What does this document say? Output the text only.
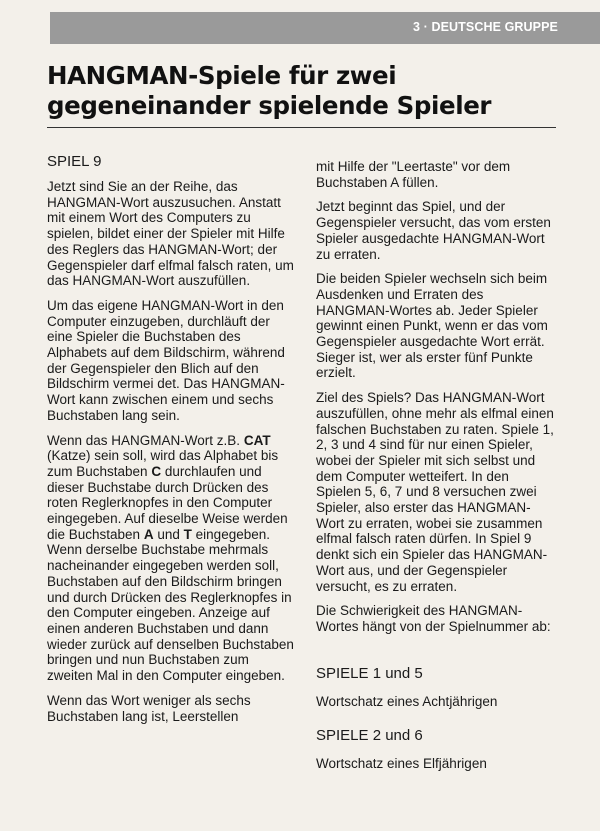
3 · DEUTSCHE GRUPPE
HANGMAN-Spiele für zwei
gegeneinander spielende Spieler
SPIEL 9

Jetzt sind Sie an der Reihe, das HANGMAN-Wort auszusuchen. Anstatt mit einem Wort des Computers zu spielen, bildet einer der Spieler mit Hilfe des Reglers das HANGMAN-Wort; der Gegenspieler darf elfmal falsch raten, um das HANGMAN-Wort auszufüllen.

Um das eigene HANGMAN-Wort in den Computer einzugeben, durchläuft der eine Spieler die Buchstaben des Alphabets auf dem Bildschirm, während der Gegenspieler den Blich auf den Bildschirm vermei det. Das HANGMAN-Wort kann zwischen einem und sechs Buchstaben lang sein.

Wenn das HANGMAN-Wort z.B. CAT (Katze) sein soll, wird das Alphabet bis zum Buchstaben C durchlaufen und dieser Buchstabe durch Drücken des roten Reglerknopfes in den Computer eingegeben. Auf dieselbe Weise werden die Buchstaben A und T eingegeben. Wenn derselbe Buchstabe mehrmals nacheinander eingegeben werden soll, Buchstaben auf den Bildschirm bringen und durch Drücken des Reglerknopfes in den Computer eingeben. Anzeige auf einen anderen Buchstaben und dann wieder zurück auf denselben Buchstaben bringen und nun Buchstaben zum zweiten Mal in den Computer eingeben.

Wenn das Wort weniger als sechs Buchstaben lang ist, Leerstellen

mit Hilfe der "Leertaste" vor dem Buchstaben A füllen.

Jetzt beginnt das Spiel, und der Gegenspieler versucht, das vom ersten Spieler ausgedachte HANGMAN-Wort zu erraten.

Die beiden Spieler wechseln sich beim Ausdenken und Erraten des HANGMAN-Wortes ab. Jeder Spieler gewinnt einen Punkt, wenn er das vom Gegenspieler ausgedachte Wort errät. Sieger ist, wer als erster fünf Punkte erzielt.

Ziel des Spiels? Das HANGMAN-Wort auszufüllen, ohne mehr als elfmal einen falschen Buchstaben zu raten. Spiele 1, 2, 3 und 4 sind für nur einen Spieler, wobei der Spieler mit sich selbst und dem Computer wetteifert. In den Spielen 5, 6, 7 und 8 versuchen zwei Spieler, also erster das HANGMAN-Wort zu erraten, wobei sie zusammen elfmal falsch raten dürfen. In Spiel 9 denkt sich ein Spieler das HANGMAN-Wort aus, und der Gegenspieler versucht, es zu erraten.

Die Schwierigkeit des HANGMAN-Wortes hängt von der Spielnummer ab:

SPIELE 1 und 5

Wortschatz eines Achtjährigen

SPIELE 2 und 6

Wortschatz eines Elfjährigen
